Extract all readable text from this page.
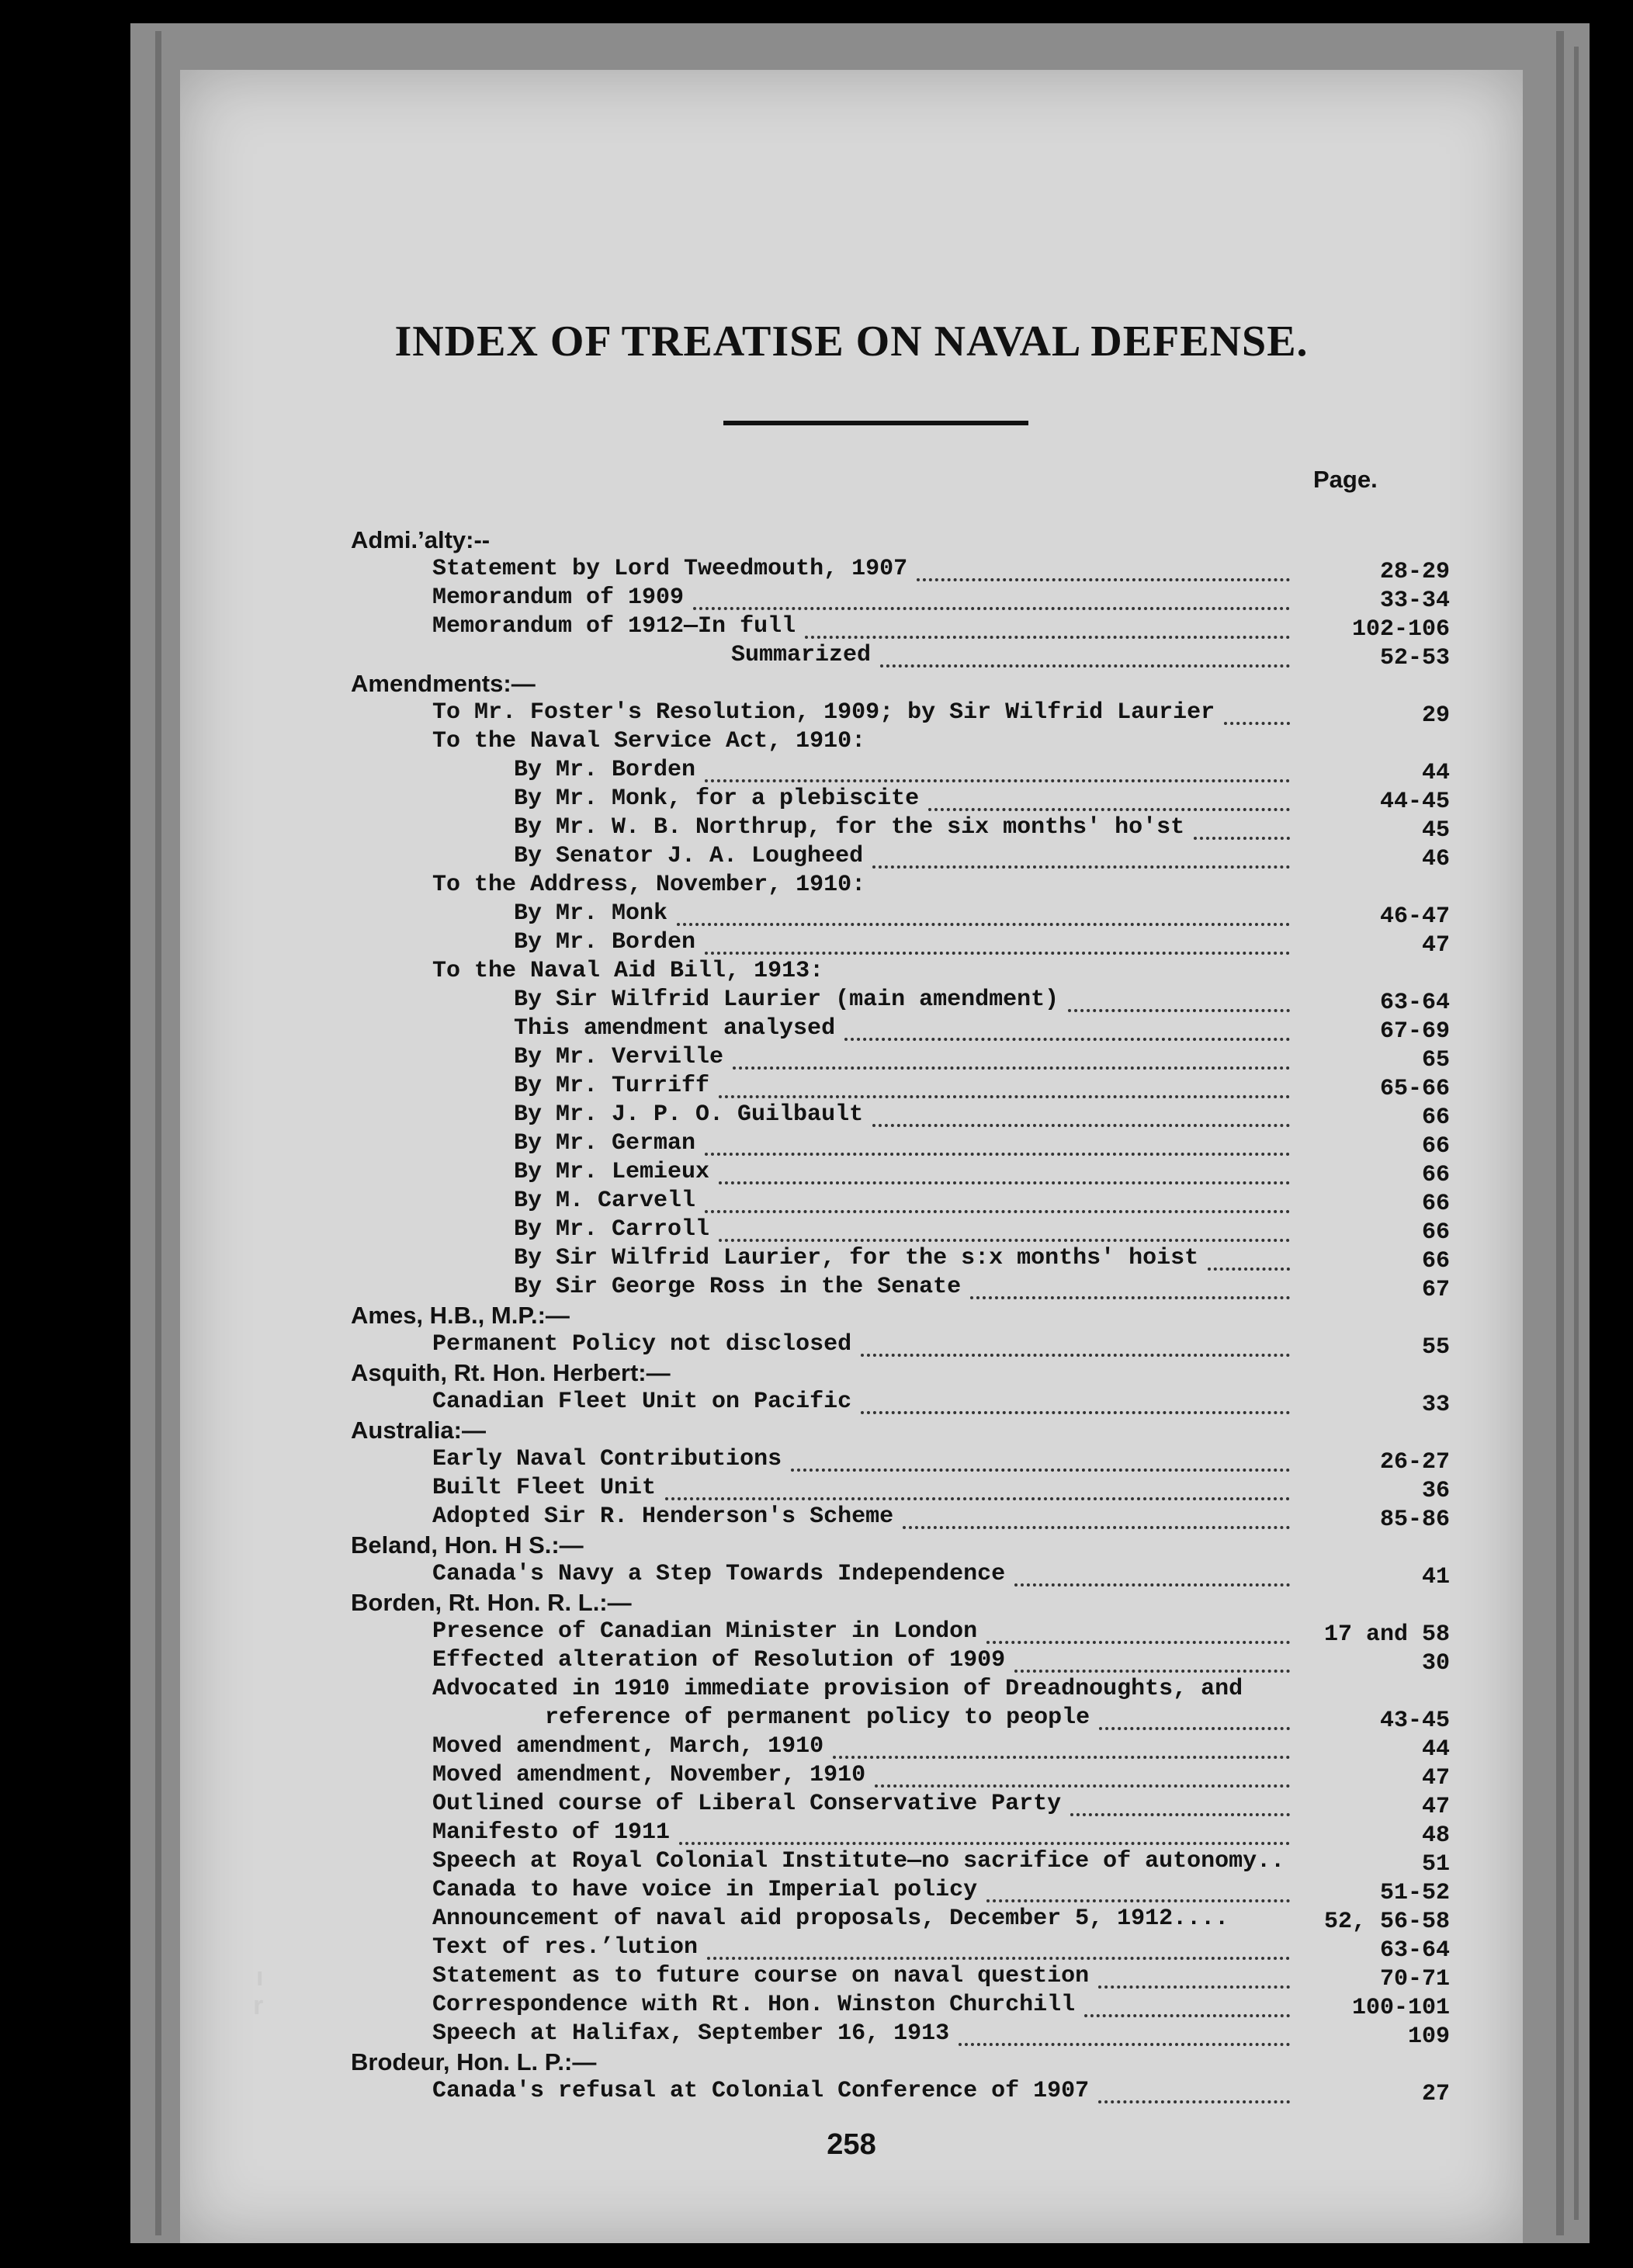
INDEX OF TREATISE ON NAVAL DEFENSE.
Page.
Admi.’alty:--
Statement by Lord Tweedmouth, 1907	28-29
Memorandum of 1909	33-34
Memorandum of 1912—In full	102-106
Summarized	52-53
Amendments:—
To Mr. Foster's Resolution, 1909; by Sir Wilfrid Laurier	29
To the Naval Service Act, 1910:
By Mr. Borden	44
By Mr. Monk, for a plebiscite	44-45
By Mr. W. B. Northrup, for the six months' ho'st	45
By Senator J. A. Lougheed	46
To the Address, November, 1910:
By Mr. Monk	46-47
By Mr. Borden	47
To the Naval Aid Bill, 1913:
By Sir Wilfrid Laurier (main amendment)	63-64
This amendment analysed	67-69
By Mr. Verville	65
By Mr. Turriff	65-66
By Mr. J. P. O. Guilbault	66
By Mr. German	66
By Mr. Lemieux	66
By M. Carvell	66
By Mr. Carroll	66
By Sir Wilfrid Laurier, for the s:x months' hoist	66
By Sir George Ross in the Senate	67
Ames, H.B., M.P.:—
Permanent Policy not disclosed	55
Asquith, Rt. Hon. Herbert:—
Canadian Fleet Unit on Pacific	33
Australia:—
Early Naval Contributions	26-27
Built Fleet Unit	36
Adopted Sir R. Henderson's Scheme	85-86
Beland, Hon. H S.:—
Canada's Navy a Step Towards Independence	41
Borden, Rt. Hon. R. L.:—
Presence of Canadian Minister in London	17 and 58
Effected alteration of Resolution of 1909	30
Advocated in 1910 immediate provision of Dreadnoughts, and
reference of permanent policy to people	43-45
Moved amendment, March, 1910	44
Moved amendment, November, 1910	47
Outlined course of Liberal Conservative Party	47
Manifesto of 1911	48
Speech at Royal Colonial Institute—no sacrifice of autonomy..	51
Canada to have voice in Imperial policy	51-52
Announcement of naval aid proposals, December 5, 1912....	52, 56-58
Text of res.’lution	63-64
Statement as to future course on naval question	70-71
Correspondence with Rt. Hon. Winston Churchill	100-101
Speech at Halifax, September 16, 1913	109
Brodeur, Hon. L. P.:—
Canada's refusal at Colonial Conference of 1907	27
258
ı
r
